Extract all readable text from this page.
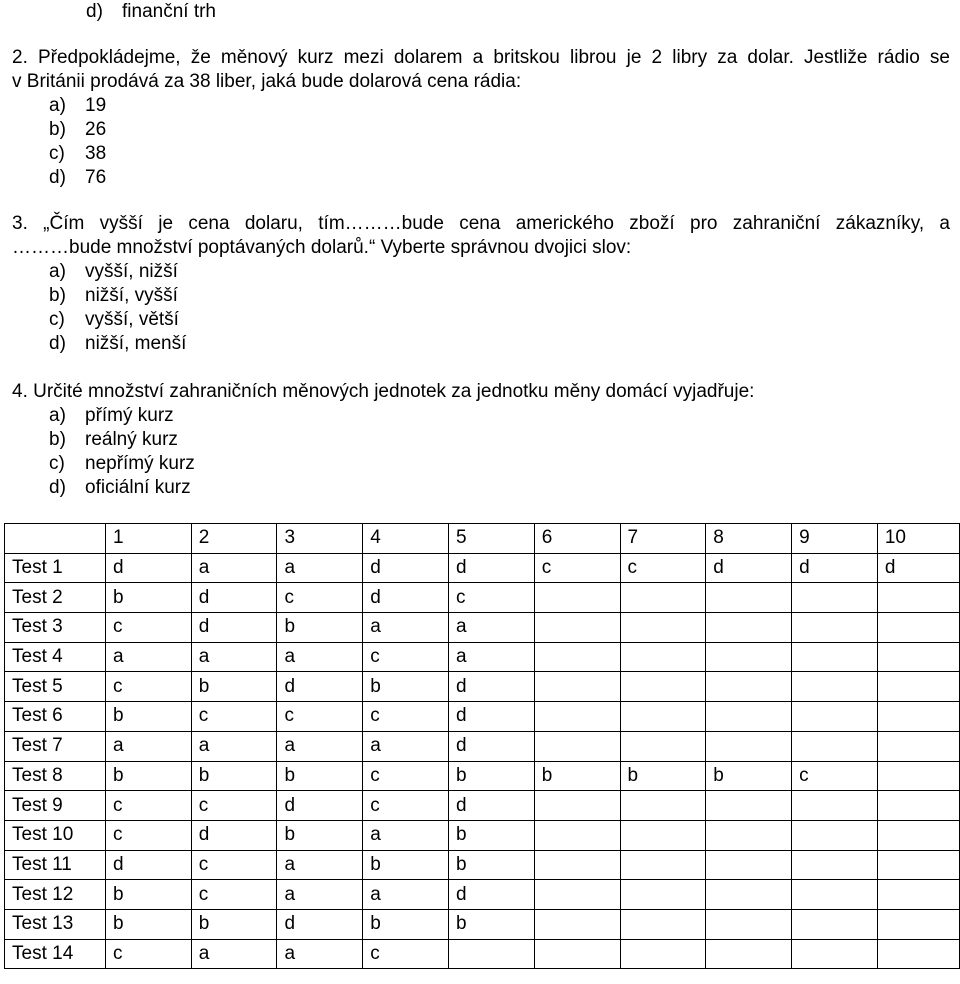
d) finanční trh
2. Předpokládejme, že měnový kurz mezi dolarem a britskou librou je 2 libry za dolar. Jestliže rádio se
v Británii prodává za 38 liber, jaká bude dolarová cena rádia:
a) 19
b) 26
c) 38
d) 76
3. „Čím vyšší je cena dolaru, tím………bude cena amerického zboží pro zahraniční zákazníky, a
………bude množství poptávaných dolarů.“ Vyberte správnou dvojici slov:
a) vyšší, nižší
b) nižší, vyšší
c) vyšší, větší
d) nižší, menší
4. Určité množství zahraničních měnových jednotek za jednotku měny domácí vyjadřuje:
a) přímý kurz
b) reálný kurz
c) nepřímý kurz
d) oficiální kurz
	1	2	3	4	5	6	7	8	9	10
Test 1	d	a	a	d	d	c	c	d	d	d
Test 2	b	d	c	d	c					
Test 3	c	d	b	a	a					
Test 4	a	a	a	c	a					
Test 5	c	b	d	b	d					
Test 6	b	c	c	c	d					
Test 7	a	a	a	a	d					
Test 8	b	b	b	c	b	b	b	b	c	
Test 9	c	c	d	c	d					
Test 10	c	d	b	a	b					
Test 11	d	c	a	b	b					
Test 12	b	c	a	a	d					
Test 13	b	b	d	b	b					
Test 14	c	a	a	c						
